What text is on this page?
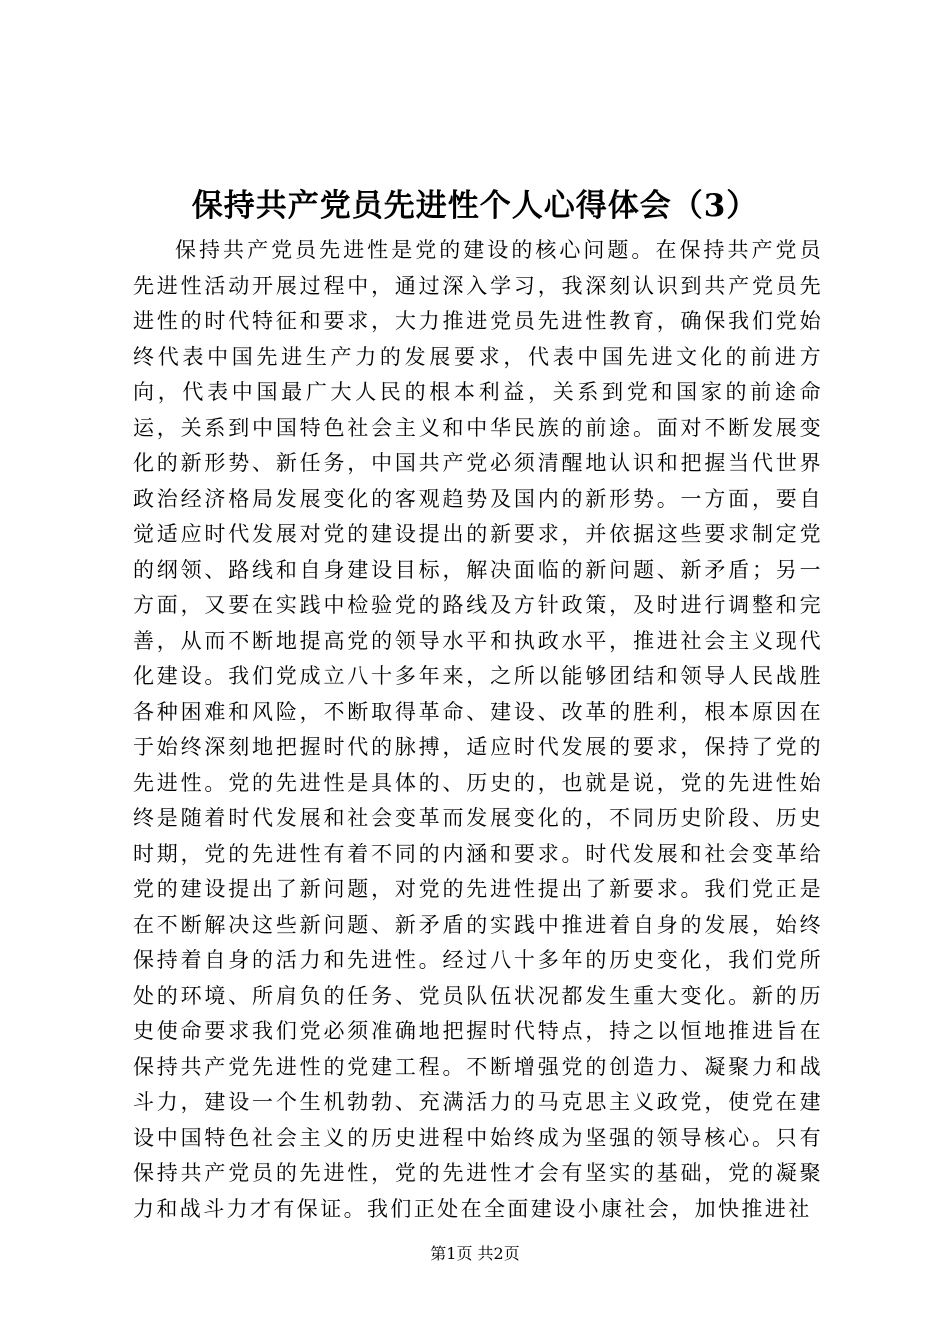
保持共产党员先进性个人心得体会（3）

保持共产党员先进性是党的建设的核心问题。在保持共产党员先进性活动开展过程中，通过深入学习，我深刻认识到共产党员先进性的时代特征和要求，大力推进党员先进性教育，确保我们党始终代表中国先进生产力的发展要求，代表中国先进文化的前进方向，代表中国最广大人民的根本利益，关系到党和国家的前途命运，关系到中国特色社会主义和中华民族的前途。面对不断发展变化的新形势、新任务，中国共产党必须清醒地认识和把握当代世界政治经济格局发展变化的客观趋势及国内的新形势。一方面，要自觉适应时代发展对党的建设提出的新要求，并依据这些要求制定党的纲领、路线和自身建设目标，解决面临的新问题、新矛盾；另一方面，又要在实践中检验党的路线及方针政策，及时进行调整和完善，从而不断地提高党的领导水平和执政水平，推进社会主义现代化建设。我们党成立八十多年来，之所以能够团结和领导人民战胜各种困难和风险，不断取得革命、建设、改革的胜利，根本原因在于始终深刻地把握时代的脉搏，适应时代发展的要求，保持了党的先进性。党的先进性是具体的、历史的，也就是说，党的先进性始终是随着时代发展和社会变革而发展变化的，不同历史阶段、历史时期，党的先进性有着不同的内涵和要求。时代发展和社会变革给党的建设提出了新问题，对党的先进性提出了新要求。我们党正是在不断解决这些新问题、新矛盾的实践中推进着自身的发展，始终保持着自身的活力和先进性。经过八十多年的历史变化，我们党所处的环境、所肩负的任务、党员队伍状况都发生重大变化。新的历史使命要求我们党必须准确地把握时代特点，持之以恒地推进旨在保持共产党先进性的党建工程。不断增强党的创造力、凝聚力和战斗力，建设一个生机勃勃、充满活力的马克思主义政党，使党在建设中国特色社会主义的历史进程中始终成为坚强的领导核心。只有保持共产党员的先进性，党的先进性才会有坚实的基础，党的凝聚力和战斗力才有保证。我们正处在全面建设小康社会，加快推进社

第1页 共2页
